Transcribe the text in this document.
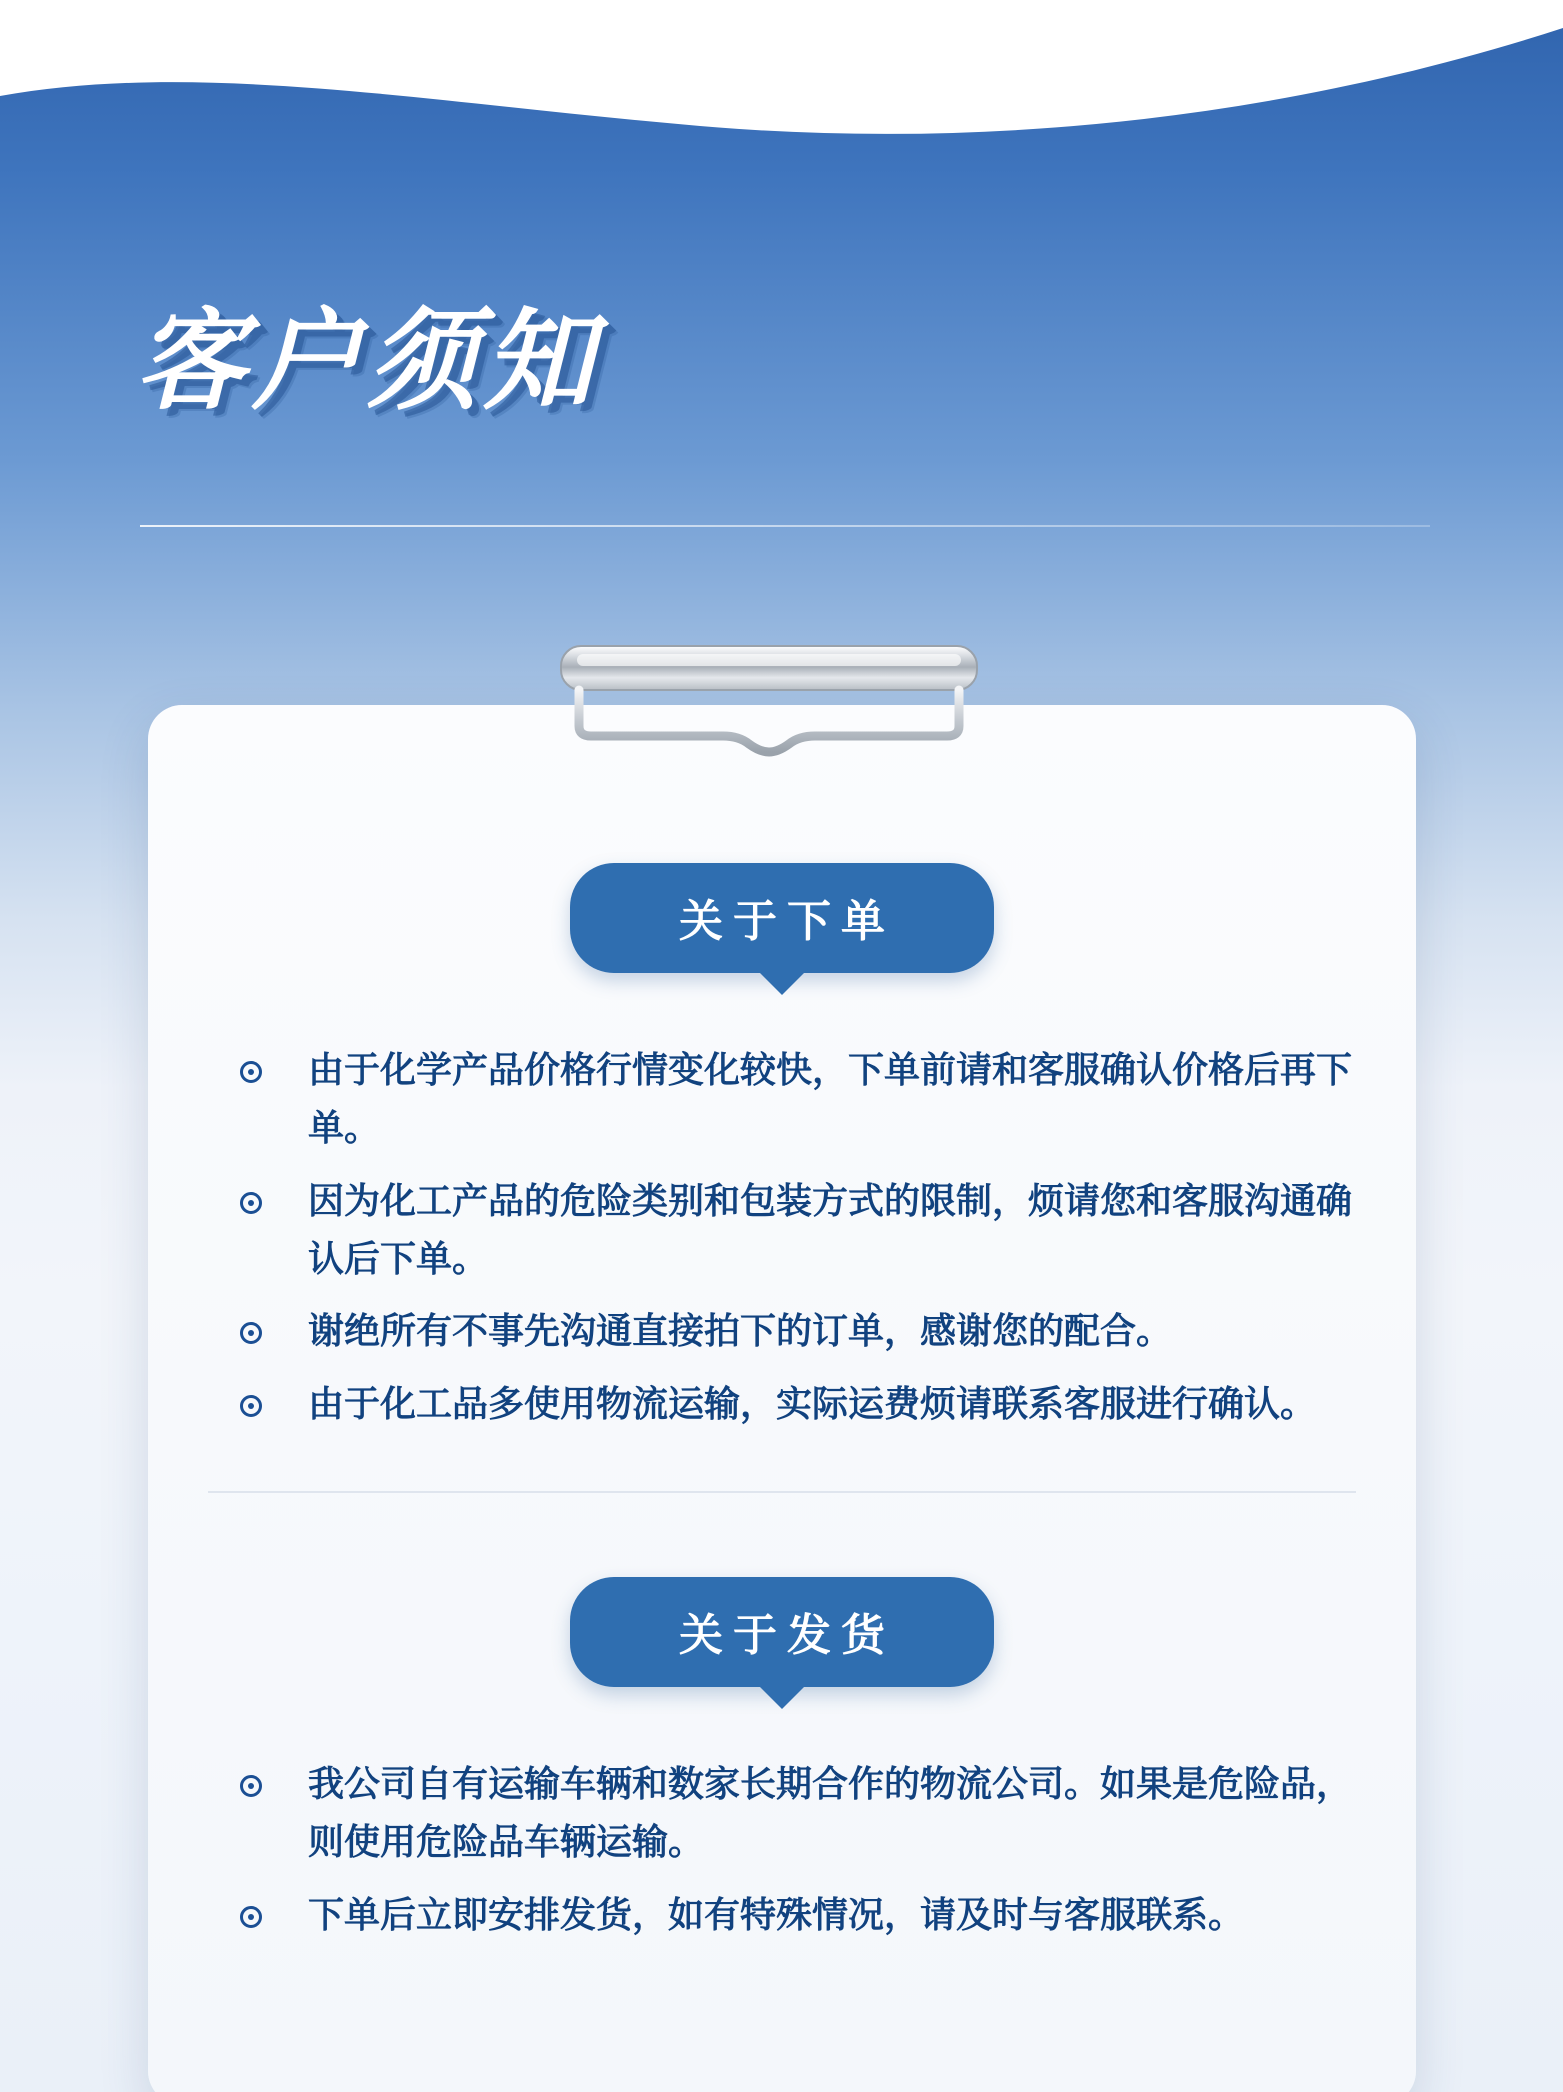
客户须知
关于下单
由于化学产品价格行情变化较快，下单前请和客服确认价格后再下单。
因为化工产品的危险类别和包装方式的限制，烦请您和客服沟通确认后下单。
谢绝所有不事先沟通直接拍下的订单，感谢您的配合。
由于化工品多使用物流运输，实际运费烦请联系客服进行确认。
关于发货
我公司自有运输车辆和数家长期合作的物流公司。如果是危险品，则使用危险品车辆运输。
下单后立即安排发货，如有特殊情况，请及时与客服联系。
